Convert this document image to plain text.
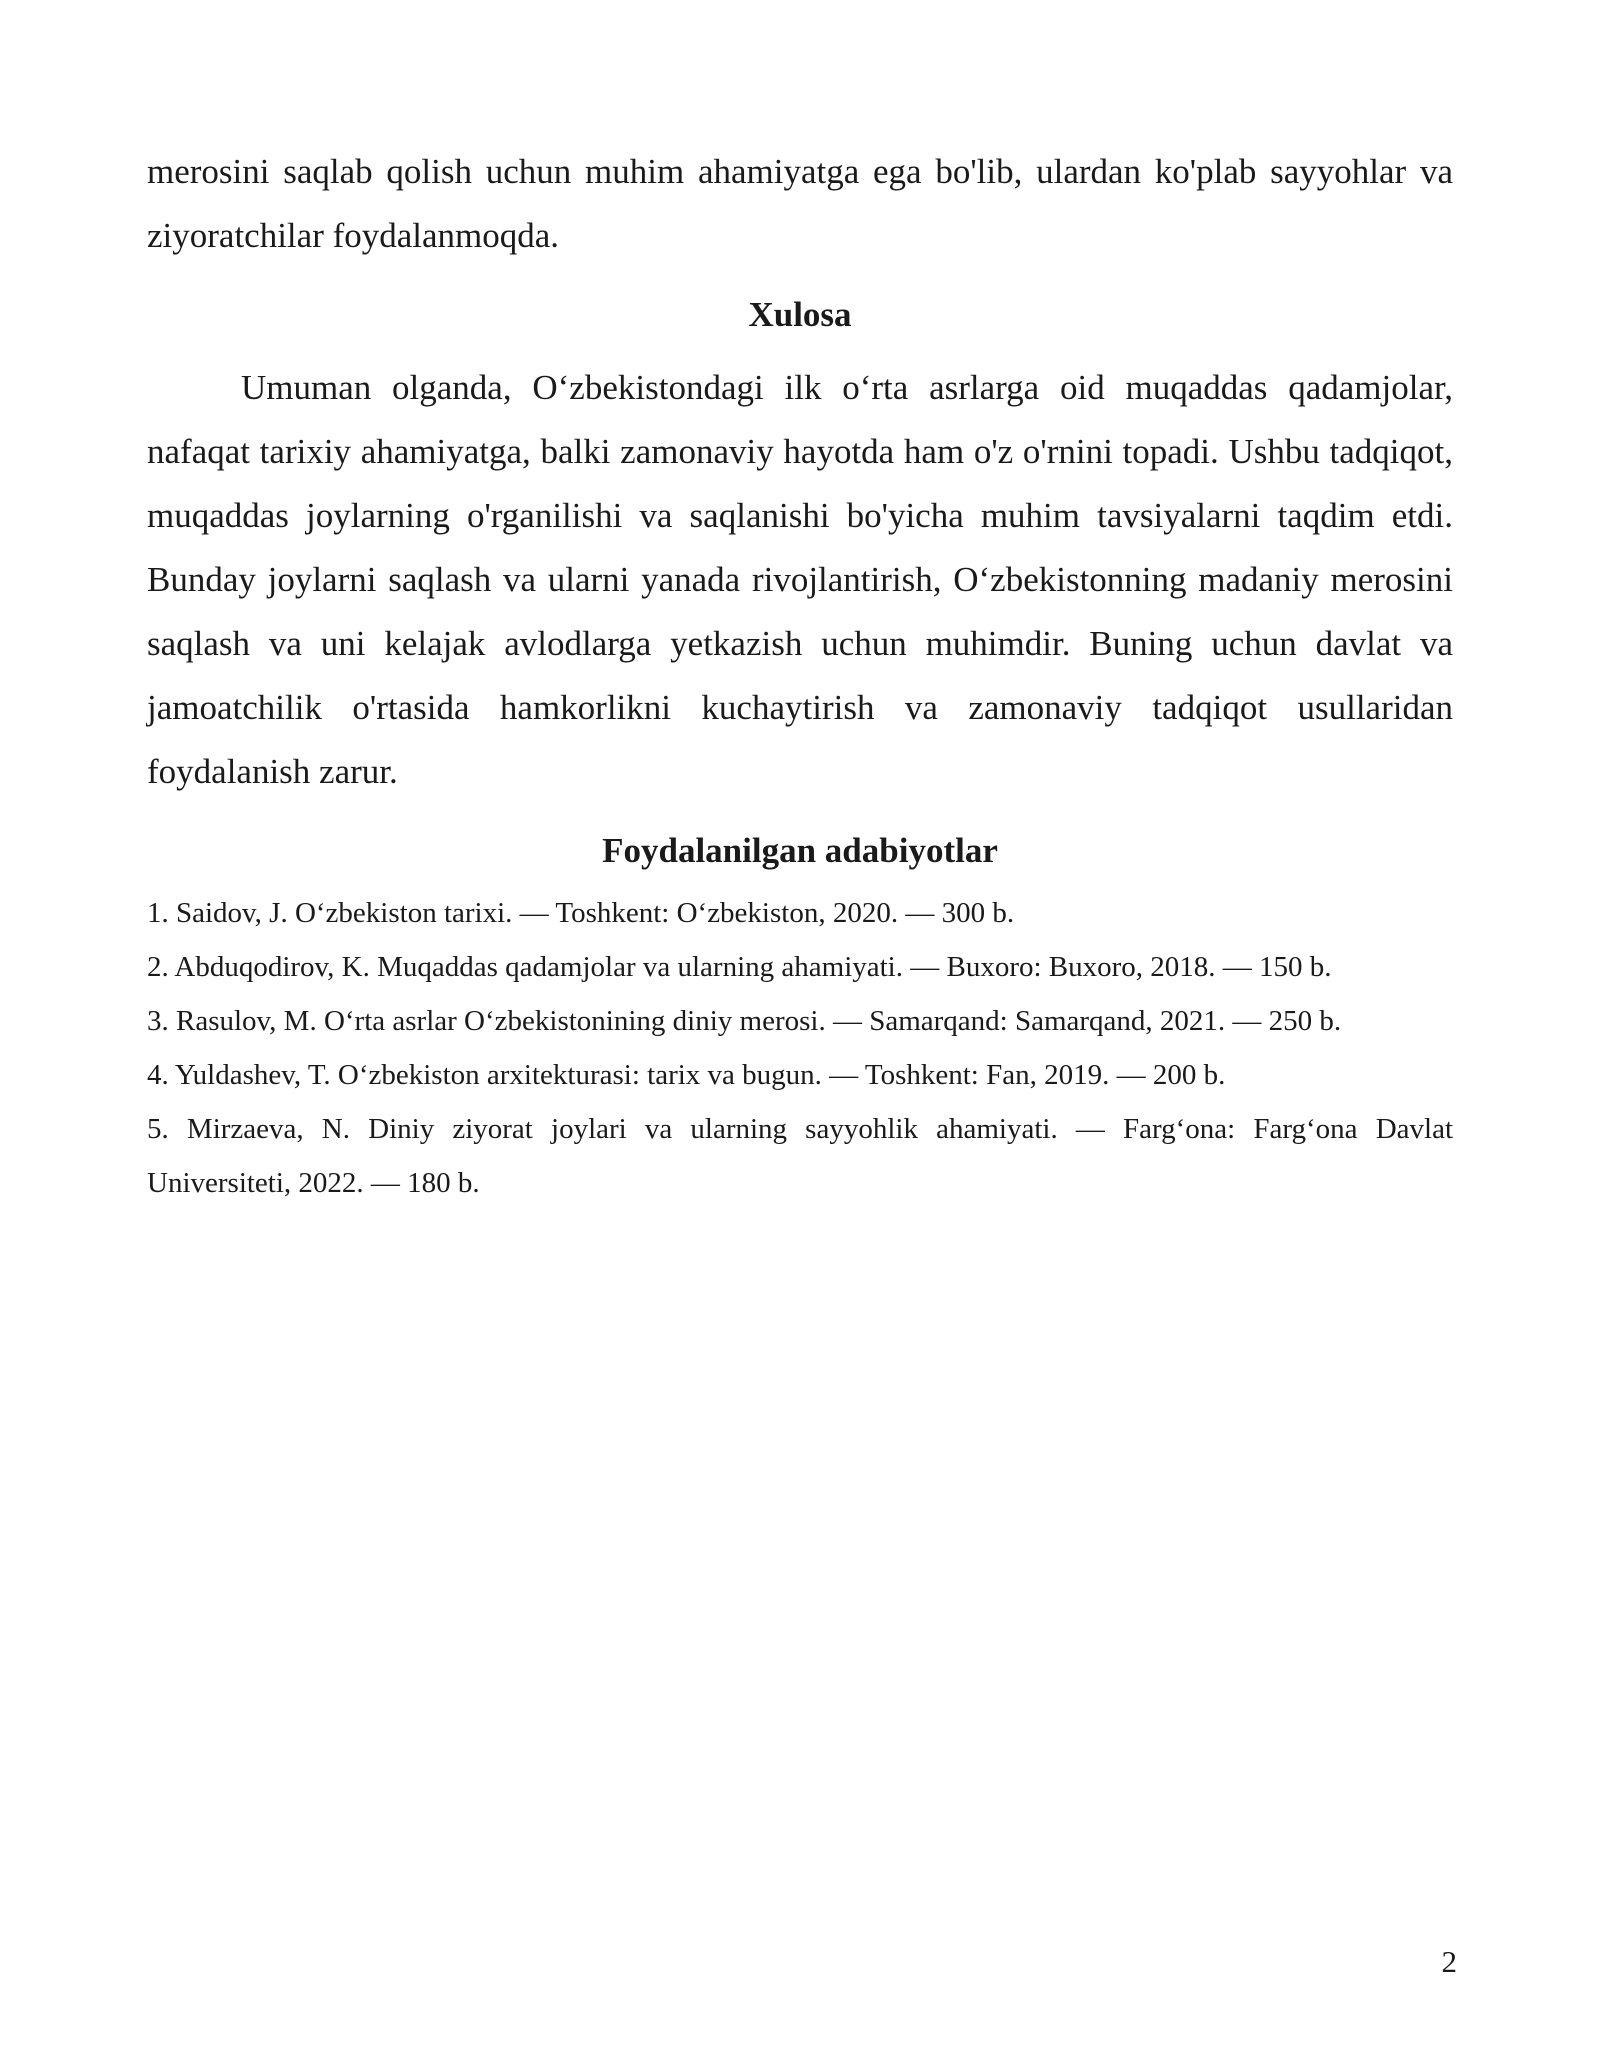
merosini saqlab qolish uchun muhim ahamiyatga ega bo'lib, ulardan ko'plab sayyohlar va ziyoratchilar foydalanmoqda.

Xulosa

Umuman olganda, O‘zbekistondagi ilk o‘rta asrlarga oid muqaddas qadamjolar, nafaqat tarixiy ahamiyatga, balki zamonaviy hayotda ham o'z o'rnini topadi. Ushbu tadqiqot, muqaddas joylarning o'rganilishi va saqlanishi bo'yicha muhim tavsiyalarni taqdim etdi. Bunday joylarni saqlash va ularni yanada rivojlantirish, O‘zbekistonning madaniy merosini saqlash va uni kelajak avlodlarga yetkazish uchun muhimdir. Buning uchun davlat va jamoatchilik o'rtasida hamkorlikni kuchaytirish va zamonaviy tadqiqot usullaridan foydalanish zarur.

Foydalanilgan adabiyotlar
1. Saidov, J. O‘zbekiston tarixi. — Toshkent: O‘zbekiston, 2020. — 300 b.
2. Abduqodirov, K. Muqaddas qadamjolar va ularning ahamiyati. — Buxoro: Buxoro, 2018. — 150 b.
3. Rasulov, M. O‘rta asrlar O‘zbekistonining diniy merosi. — Samarqand: Samarqand, 2021. — 250 b.
4. Yuldashev, T. O‘zbekiston arxitekturasi: tarix va bugun. — Toshkent: Fan, 2019. — 200 b.
5. Mirzaeva, N. Diniy ziyorat joylari va ularning sayyohlik ahamiyati. — Farg‘ona: Farg‘ona Davlat Universiteti, 2022. — 180 b.
2
